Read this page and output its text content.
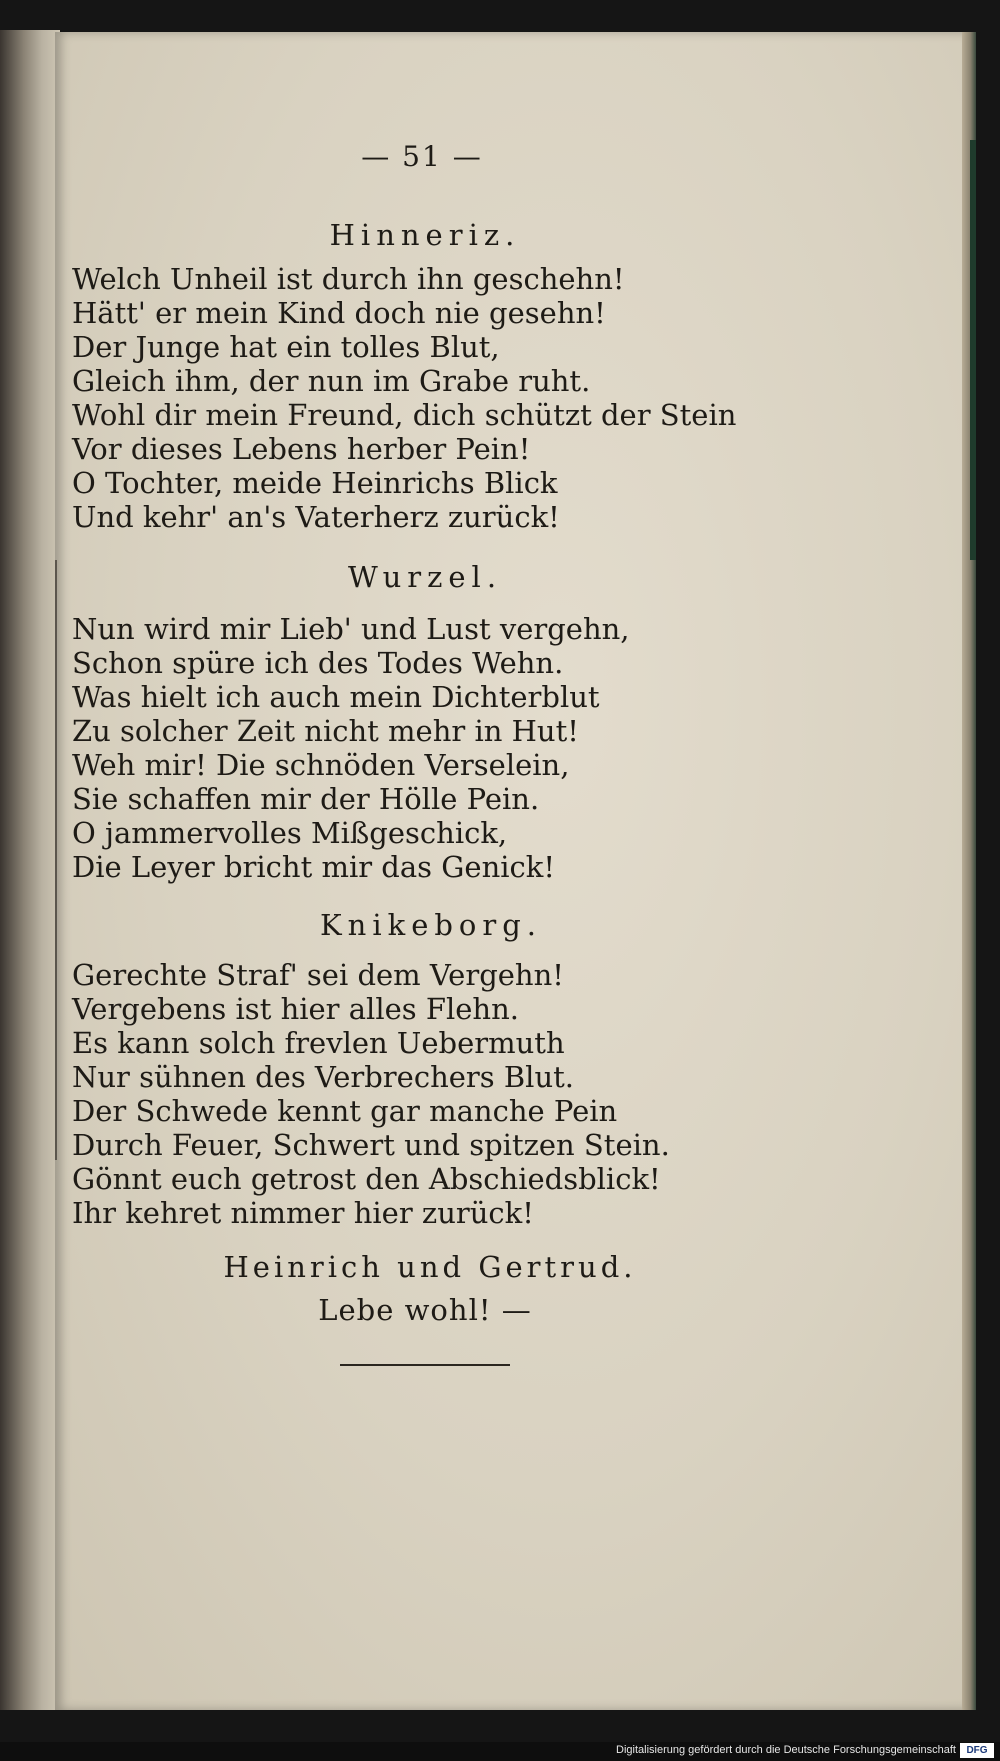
— 51 —
Hinneriz.
Welch Unheil ist durch ihn geschehn!
Hätt' er mein Kind doch nie gesehn!
Der Junge hat ein tolles Blut,
Gleich ihm, der nun im Grabe ruht.
Wohl dir mein Freund, dich schützt der Stein
Vor dieses Lebens herber Pein!
O Tochter, meide Heinrichs Blick
Und kehr' an's Vaterherz zurück!
Wurzel.
Nun wird mir Lieb' und Lust vergehn,
Schon spüre ich des Todes Wehn.
Was hielt ich auch mein Dichterblut
Zu solcher Zeit nicht mehr in Hut!
Weh mir! Die schnöden Verselein,
Sie schaffen mir der Hölle Pein.
O jammervolles Mißgeschick,
Die Leyer bricht mir das Genick!
Knikeborg.
Gerechte Straf' sei dem Vergehn!
Vergebens ist hier alles Flehn.
Es kann solch frevlen Uebermuth
Nur sühnen des Verbrechers Blut.
Der Schwede kennt gar manche Pein
Durch Feuer, Schwert und spitzen Stein.
Gönnt euch getrost den Abschiedsblick!
Ihr kehret nimmer hier zurück!
Heinrich und Gertrud.
Lebe wohl! —
Digitalisierung gefördert durch die Deutsche Forschungsgemeinschaft	DFG
